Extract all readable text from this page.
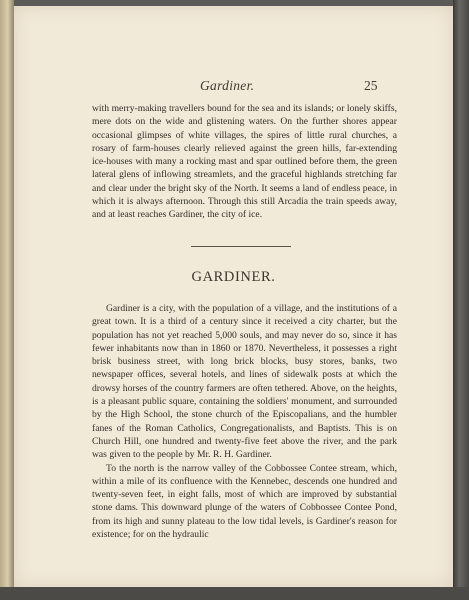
Gardiner.	25

with merry-making travellers bound for the sea and its islands; or lonely skiffs, mere dots on the wide and glistening waters. On the further shores appear occasional glimpses of white villages, the spires of little rural churches, a rosary of farm-houses clearly relieved against the green hills, far-extending ice-houses with many a rocking mast and spar outlined before them, the green lateral glens of inflowing streamlets, and the graceful highlands stretching far and clear under the bright sky of the North. It seems a land of endless peace, in which it is always afternoon. Through this still Arcadia the train speeds away, and at least reaches Gardiner, the city of ice.

GARDINER.

Gardiner is a city, with the population of a village, and the institutions of a great town. It is a third of a century since it received a city charter, but the population has not yet reached 5,000 souls, and may never do so, since it has fewer inhabitants now than in 1860 or 1870. Nevertheless, it possesses a right brisk business street, with long brick blocks, busy stores, banks, two newspaper offices, several hotels, and lines of sidewalk posts at which the drowsy horses of the country farmers are often tethered. Above, on the heights, is a pleasant public square, containing the soldiers' monument, and surrounded by the High School, the stone church of the Episcopalians, and the humbler fanes of the Roman Catholics, Congregationalists, and Baptists. This is on Church Hill, one hundred and twenty-five feet above the river, and the park was given to the people by Mr. R. H. Gardiner.

To the north is the narrow valley of the Cobbossee Contee stream, which, within a mile of its confluence with the Kennebec, descends one hundred and twenty-seven feet, in eight falls, most of which are improved by substantial stone dams. This downward plunge of the waters of Cobbossee Contee Pond, from its high and sunny plateau to the low tidal levels, is Gardiner's reason for existence; for on the hydraulic
